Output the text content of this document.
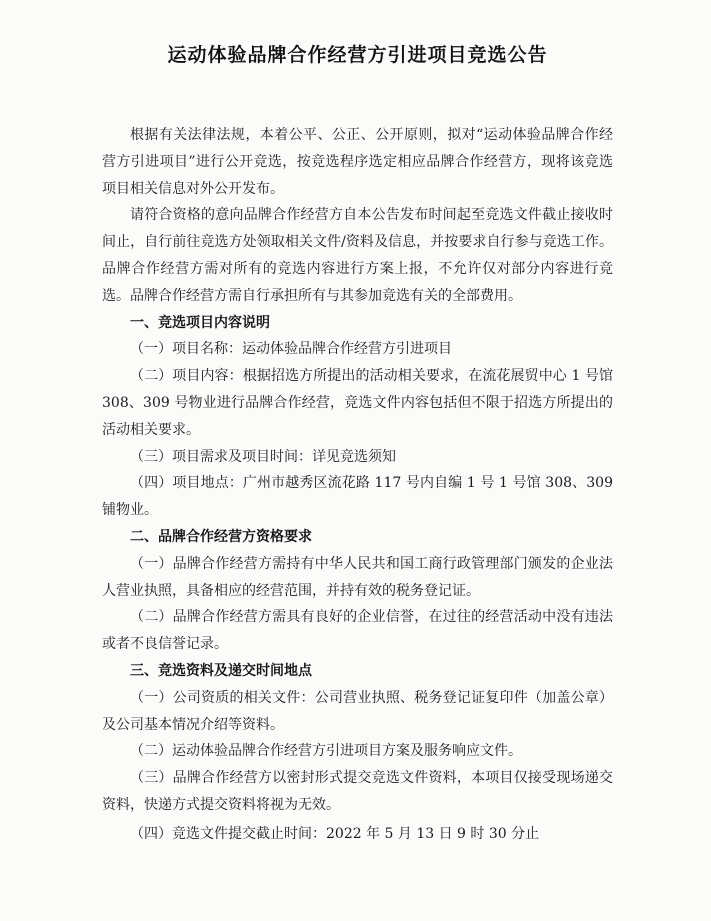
运动体验品牌合作经营方引进项目竞选公告

根据有关法律法规，本着公平、公正、公开原则，拟对“运动体验品牌合作经营方引进项目”进行公开竞选，按竞选程序选定相应品牌合作经营方，现将该竞选项目相关信息对外公开发布。

请符合资格的意向品牌合作经营方自本公告发布时间起至竞选文件截止接收时间止，自行前往竞选方处领取相关文件/资料及信息，并按要求自行参与竞选工作。品牌合作经营方需对所有的竞选内容进行方案上报，不允许仅对部分内容进行竞选。品牌合作经营方需自行承担所有与其参加竞选有关的全部费用。

一、竞选项目内容说明

（一）项目名称：运动体验品牌合作经营方引进项目

（二）项目内容：根据招选方所提出的活动相关要求，在流花展贸中心 1 号馆 308、309 号物业进行品牌合作经营，竞选文件内容包括但不限于招选方所提出的活动相关要求。

（三）项目需求及项目时间：详见竞选须知

（四）项目地点：广州市越秀区流花路 117 号内自编 1 号 1 号馆 308、309 铺物业。

二、品牌合作经营方资格要求

（一）品牌合作经营方需持有中华人民共和国工商行政管理部门颁发的企业法人营业执照，具备相应的经营范围，并持有效的税务登记证。

（二）品牌合作经营方需具有良好的企业信誉，在过往的经营活动中没有违法或者不良信誉记录。

三、竞选资料及递交时间地点

（一）公司资质的相关文件：公司营业执照、税务登记证复印件（加盖公章）及公司基本情况介绍等资料。

（二）运动体验品牌合作经营方引进项目方案及服务响应文件。

（三）品牌合作经营方以密封形式提交竞选文件资料，本项目仅接受现场递交资料，快递方式提交资料将视为无效。

（四）竞选文件提交截止时间：2022 年 5 月 13 日 9 时 30 分止
